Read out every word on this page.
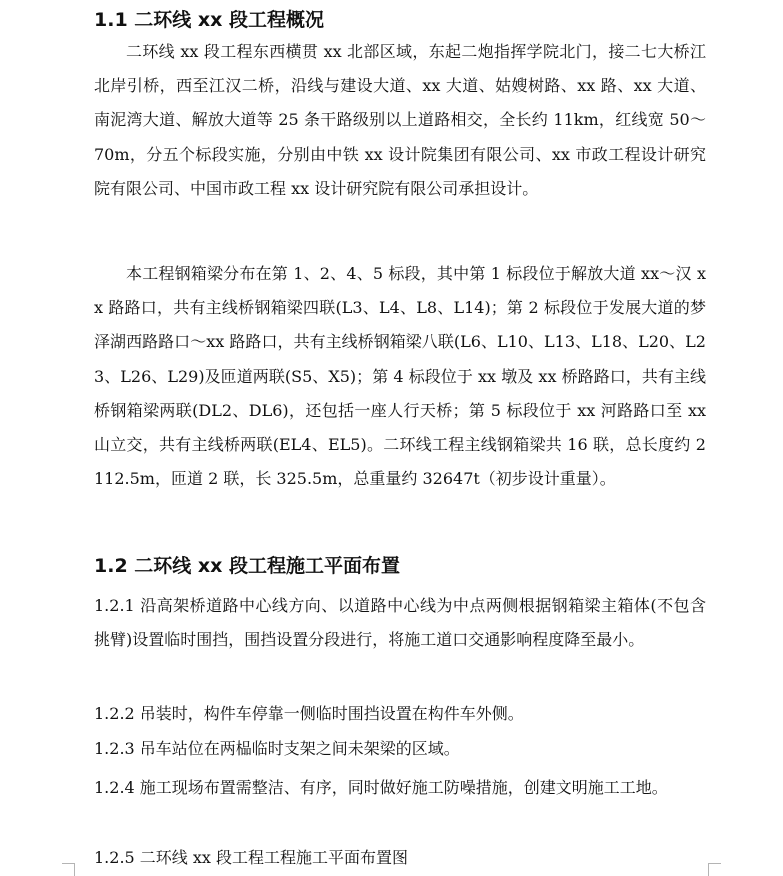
1.1 二环线 xx 段工程概况

二环线 xx 段工程东西横贯 xx 北部区域，东起二炮指挥学院北门，接二七大桥江北岸引桥，西至江汉二桥，沿线与建设大道、xx 大道、姑嫂树路、xx 路、xx 大道、南泥湾大道、解放大道等 25 条干路级别以上道路相交，全长约 11km，红线宽 50～70m，分五个标段实施，分别由中铁 xx 设计院集团有限公司、xx 市政工程设计研究院有限公司、中国市政工程 xx 设计研究院有限公司承担设计。

本工程钢箱梁分布在第 1、2、4、5 标段，其中第 1 标段位于解放大道 xx～汉 xx 路路口，共有主线桥钢箱梁四联(L3、L4、L8、L14)；第 2 标段位于发展大道的梦泽湖西路路口～xx 路路口，共有主线桥钢箱梁八联(L6、L10、L13、L18、L20、L23、L26、L29)及匝道两联(S5、X5)；第 4 标段位于 xx 墩及 xx 桥路路口，共有主线桥钢箱梁两联(DL2、DL6)，还包括一座人行天桥；第 5 标段位于 xx 河路路口至 xx 山立交，共有主线桥两联(EL4、EL5)。二环线工程主线钢箱梁共 16 联，总长度约 2112.5m，匝道 2 联，长 325.5m，总重量约 32647t（初步设计重量）。

1.2 二环线 xx 段工程施工平面布置

1.2.1 沿高架桥道路中心线方向、以道路中心线为中点两侧根据钢箱梁主箱体(不包含挑臂)设置临时围挡，围挡设置分段进行，将施工道口交通影响程度降至最小。

1.2.2 吊装时，构件车停靠一侧临时围挡设置在构件车外侧。

1.2.3 吊车站位在两榀临时支架之间未架梁的区域。

1.2.4 施工现场布置需整洁、有序，同时做好施工防噪措施，创建文明施工工地。

1.2.5 二环线 xx 段工程工程施工平面布置图
